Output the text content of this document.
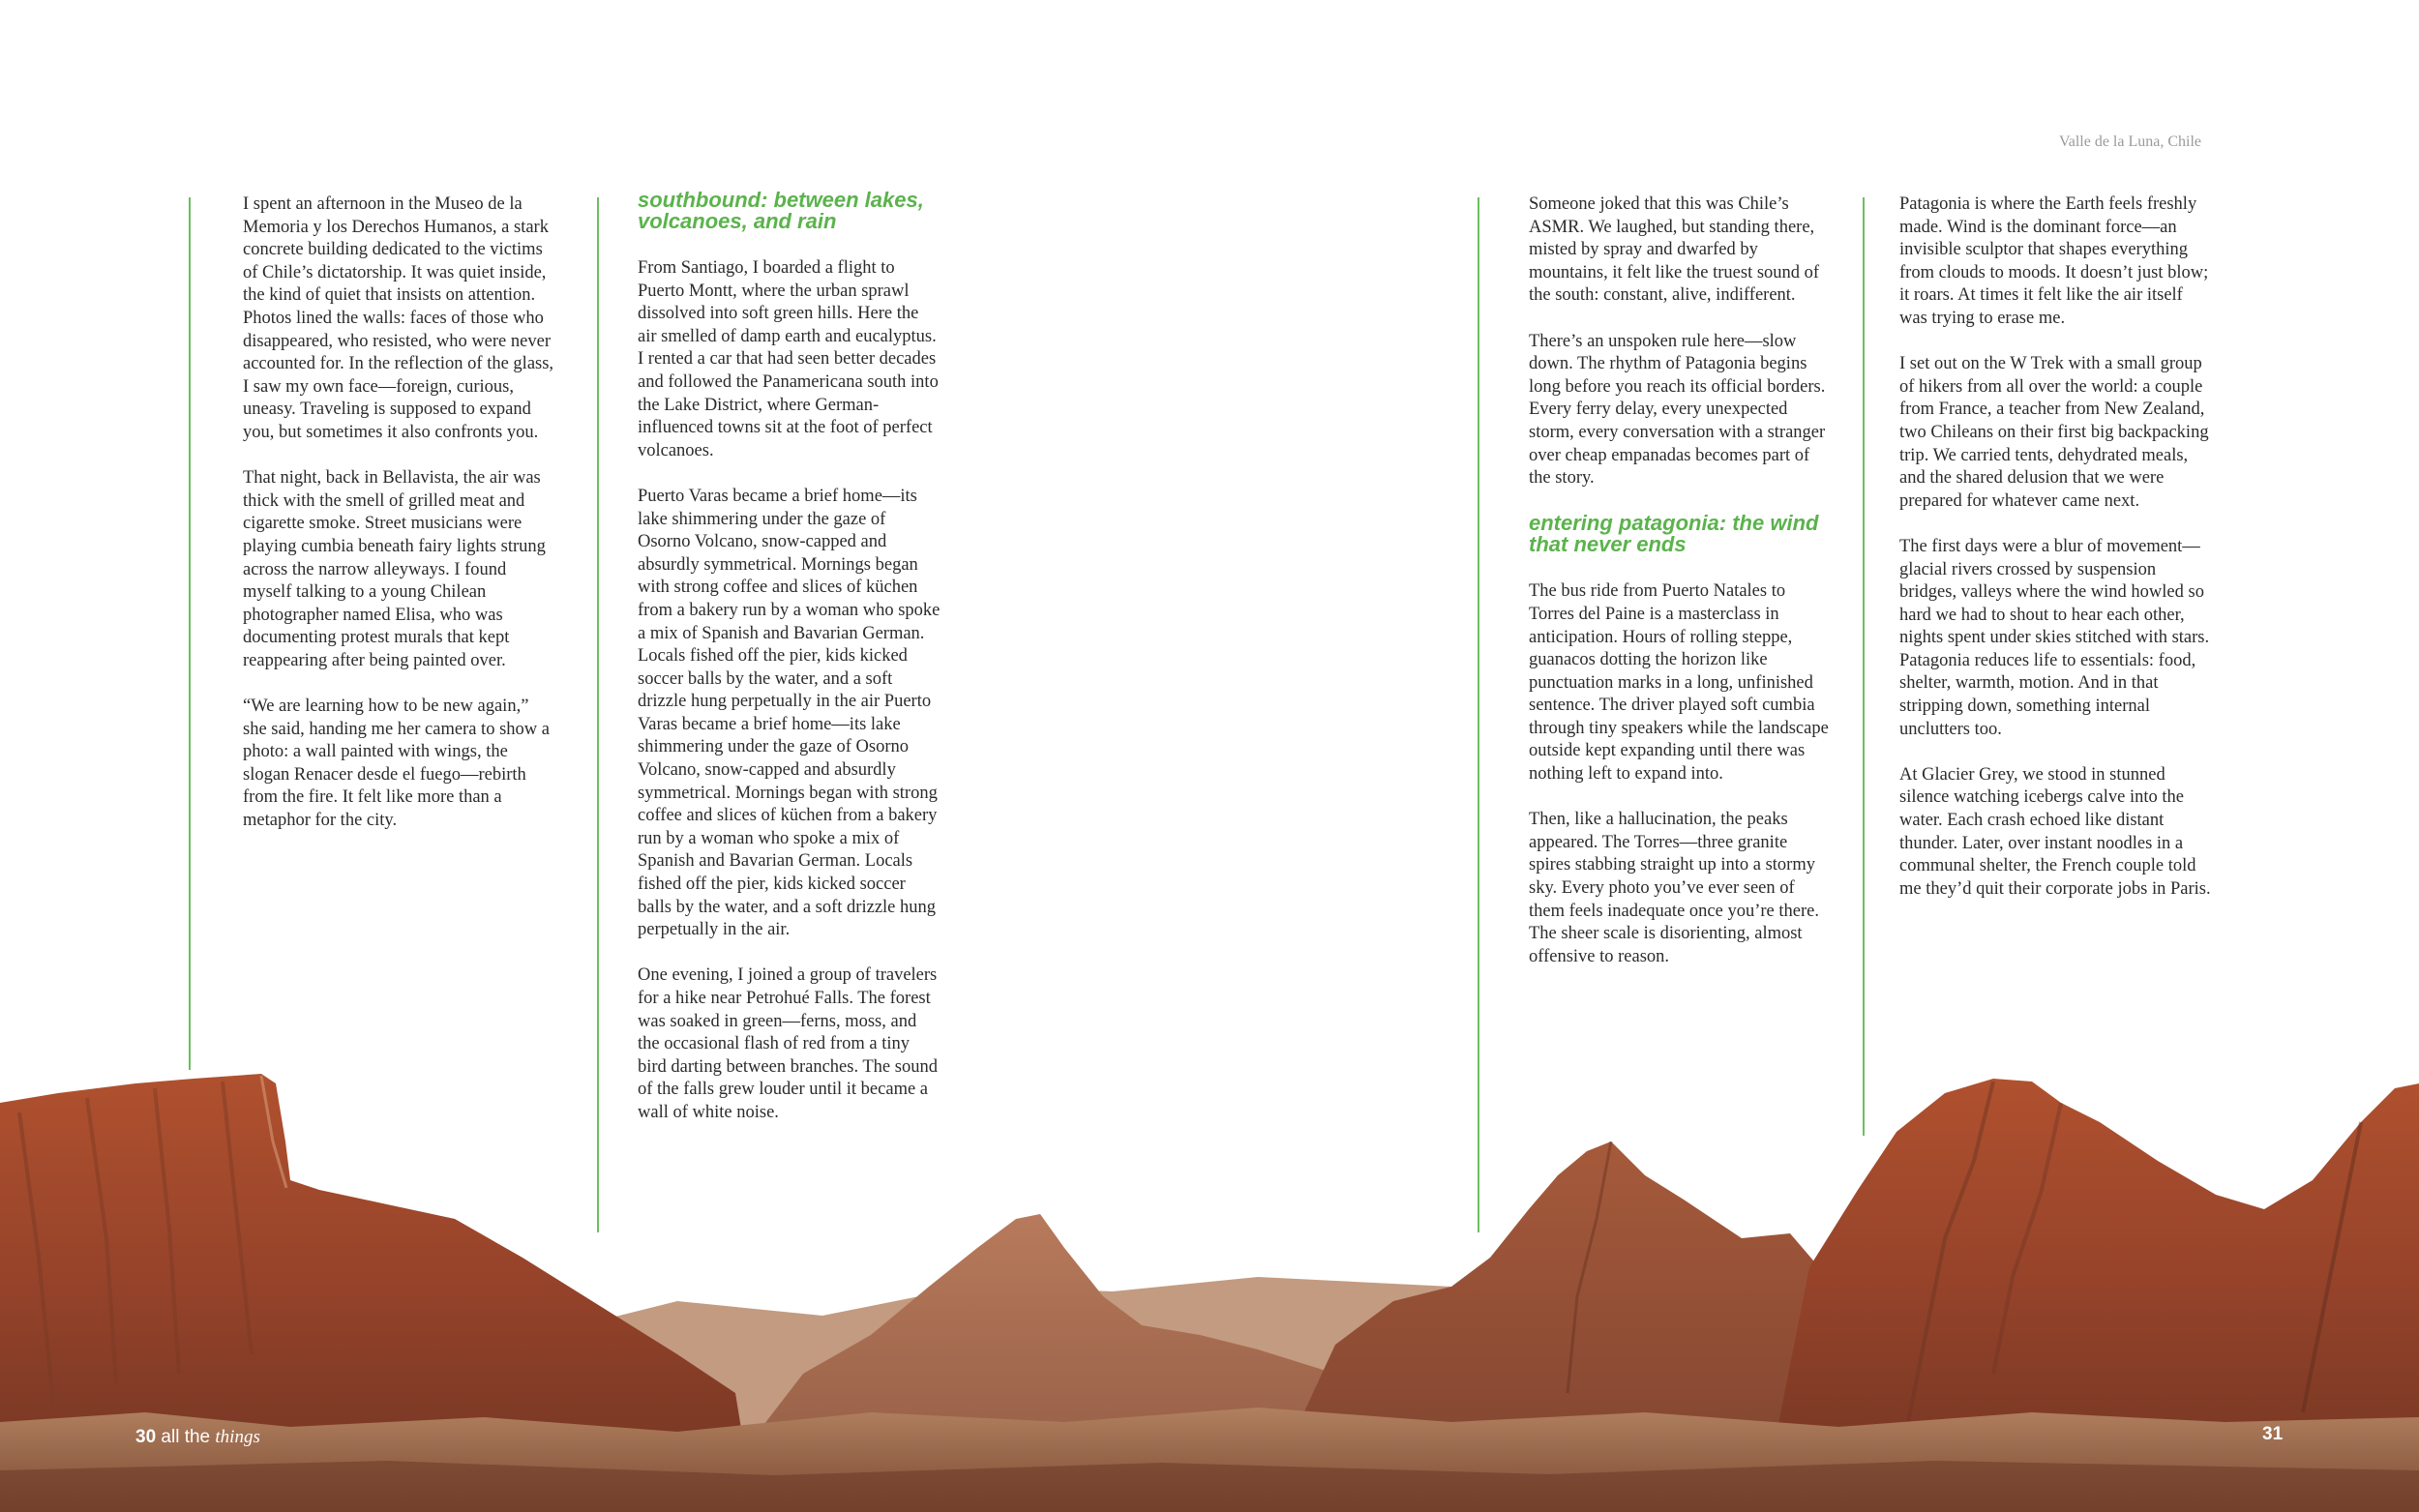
Valle de la Luna, Chile

I spent an afternoon in the Museo de la Memoria y los Derechos Humanos, a stark concrete building dedicated to the victims of Chile’s dictatorship. It was quiet inside, the kind of quiet that insists on attention. Photos lined the walls: faces of those who disappeared, who resisted, who were never accounted for. In the reflection of the glass, I saw my own face—foreign, curious, uneasy. Traveling is supposed to expand you, but sometimes it also confronts you.

That night, back in Bellavista, the air was thick with the smell of grilled meat and cigarette smoke. Street musicians were playing cumbia beneath fairy lights strung across the narrow alleyways. I found myself talking to a young Chilean photographer named Elisa, who was documenting protest murals that kept reappearing after being painted over.

“We are learning how to be new again,” she said, handing me her camera to show a photo: a wall painted with wings, the slogan Renacer desde el fuego—rebirth from the fire. It felt like more than a metaphor for the city.

southbound: between lakes, volcanoes, and rain

From Santiago, I boarded a flight to Puerto Montt, where the urban sprawl dissolved into soft green hills. Here the air smelled of damp earth and eucalyptus. I rented a car that had seen better decades and followed the Panamericana south into the Lake District, where German-influenced towns sit at the foot of perfect volcanoes.

Puerto Varas became a brief home—its lake shimmering under the gaze of Osorno Volcano, snow-capped and absurdly symmetrical. Mornings began with strong coffee and slices of küchen from a bakery run by a woman who spoke a mix of Spanish and Bavarian German. Locals fished off the pier, kids kicked soccer balls by the water, and a soft drizzle hung perpetually in the air Puerto Varas became a brief home—its lake shimmering under the gaze of Osorno Volcano, snow-capped and absurdly symmetrical. Mornings began with strong coffee and slices of küchen from a bakery run by a woman who spoke a mix of Spanish and Bavarian German. Locals fished off the pier, kids kicked soccer balls by the water, and a soft drizzle hung perpetually in the air.

One evening, I joined a group of travelers for a hike near Petrohué Falls. The forest was soaked in green—ferns, moss, and the occasional flash of red from a tiny bird darting between branches. The sound of the falls grew louder until it became a wall of white noise.

Someone joked that this was Chile’s ASMR. We laughed, but standing there, misted by spray and dwarfed by mountains, it felt like the truest sound of the south: constant, alive, indifferent.

There’s an unspoken rule here—slow down. The rhythm of Patagonia begins long before you reach its official borders. Every ferry delay, every unexpected storm, every conversation with a stranger over cheap empanadas becomes part of the story.

entering patagonia: the wind that never ends

The bus ride from Puerto Natales to Torres del Paine is a masterclass in anticipation. Hours of rolling steppe, guanacos dotting the horizon like punctuation marks in a long, unfinished sentence. The driver played soft cumbia through tiny speakers while the landscape outside kept expanding until there was nothing left to expand into.

Then, like a hallucination, the peaks appeared. The Torres—three granite spires stabbing straight up into a stormy sky. Every photo you’ve ever seen of them feels inadequate once you’re there. The sheer scale is disorienting, almost offensive to reason.

Patagonia is where the Earth feels freshly made. Wind is the dominant force—an invisible sculptor that shapes everything from clouds to moods. It doesn’t just blow; it roars. At times it felt like the air itself was trying to erase me.

I set out on the W Trek with a small group of hikers from all over the world: a couple from France, a teacher from New Zealand, two Chileans on their first big backpacking trip. We carried tents, dehydrated meals, and the shared delusion that we were prepared for whatever came next.

The first days were a blur of movement—glacial rivers crossed by suspension bridges, valleys where the wind howled so hard we had to shout to hear each other, nights spent under skies stitched with stars. Patagonia reduces life to essentials: food, shelter, warmth, motion. And in that stripping down, something internal unclutters too.

At Glacier Grey, we stood in stunned silence watching icebergs calve into the water. Each crash echoed like distant thunder. Later, over instant noodles in a communal shelter, the French couple told me they’d quit their corporate jobs in Paris.

30 all the things	31
